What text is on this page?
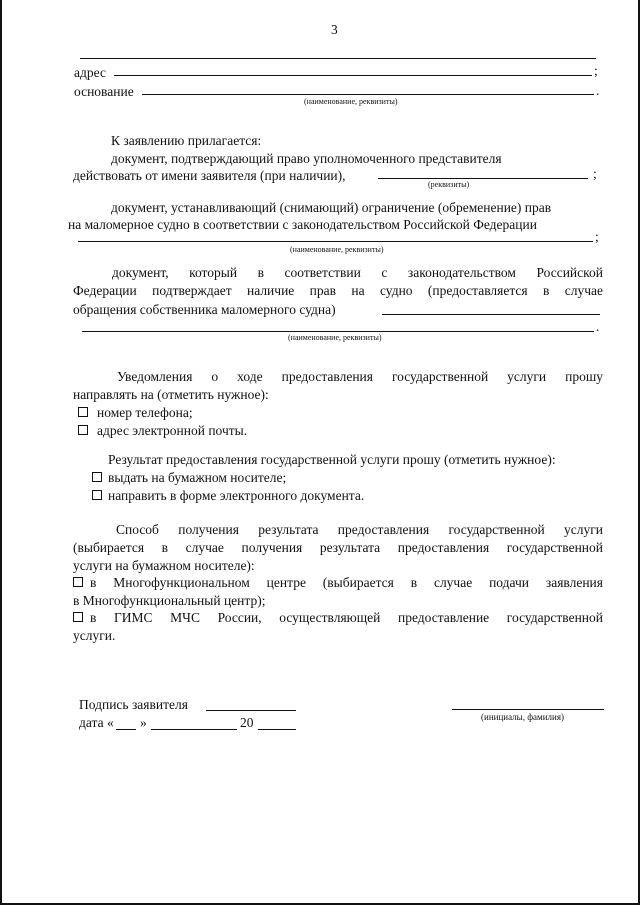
3
адрес	;
основание	.
(наименование, реквизиты)
К заявлению прилагается:
документ, подтверждающий право уполномоченного представителя
действовать от имени заявителя (при наличии),	;
(реквизиты)
документ, устанавливающий (снимающий) ограничение (обременение) прав
на маломерное судно в соответствии с законодательством Российской Федерации
;
(наименование, реквизиты)
документ, который в соответствии с законодательством Российской
Федерации подтверждает наличие прав на судно (предоставляется в случае
обращения собственника маломерного судна)
.
(наименование, реквизиты)
Уведомления о ходе предоставления государственной услуги прошу
направлять на (отметить нужное):
номер телефона;
адрес электронной почты.
Результат предоставления государственной услуги прошу (отметить нужное):
выдать на бумажном носителе;
направить в форме электронного документа.
Способ получения результата предоставления государственной услуги
(выбирается в случае получения результата предоставления государственной
услуги на бумажном носителе):
в Многофункциональном центре (выбирается в случае подачи заявления
в Многофункциональный центр);
в ГИМС МЧС России, осуществляющей предоставление государственной
услуги.
Подпись заявителя
(инициалы, фамилия)
дата « »	20
